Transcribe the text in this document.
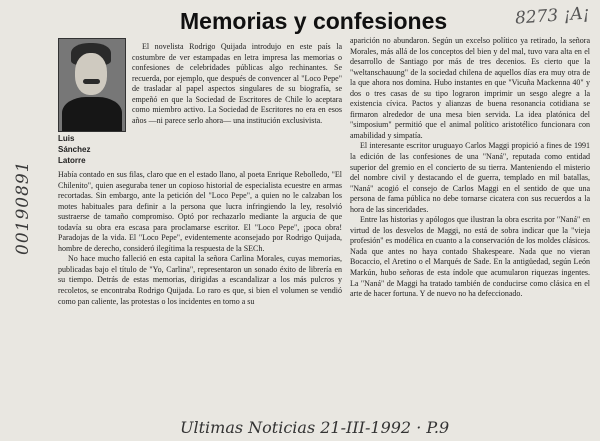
00190891
8273 ¡A¡
Memorias y confesiones
Luis
Sánchez
Latorre

El novelista Rodrigo Quijada introdujo en este país la costumbre de ver estampadas en letra impresa las memorias o confesiones de celebridades públicas algo rechinantes. Se recuerda, por ejemplo, que después de convencer al "Loco Pepe" de trasladar al papel aspectos singulares de su biografía, se empeñó en que la Sociedad de Escritores de Chile lo aceptara como miembro activo. La Sociedad de Escritores no era en esos años —ni parece serlo ahora— una institución exclusivista.

Había contado en sus filas, claro que en el estado llano, al poeta Enrique Rebolledo, "El Chilenito", quien aseguraba tener un copioso historial de especialista ecuestre en armas recortadas. Sin embargo, ante la petición del "Loco Pepe", a quien no le calzaban los motes habituales para definir a la persona que lucra infringiendo la ley, resolvió sustraerse de tamaño compromiso. Optó por rechazarlo mediante la argucia de que todavía su obra era escasa para proclamarse escritor. El "Loco Pepe", ¡poca obra! Paradojas de la vida. El "Loco Pepe", evidentemente aconsejado por Rodrigo Quijada, hombre de derecho, consideró ilegítima la respuesta de la SECh.

No hace mucho falleció en esta capital la señora Carlina Morales, cuyas memorias, publicadas bajo el título de "Yo, Carlina", representaron un sonado éxito de librería en su tiempo. Detrás de estas memorias, dirigidas a escandalizar a los más pulcros y recoletos, se encontraba Rodrigo Quijada. Lo raro es que, si bien el volumen se vendió como pan caliente, las protestas o los incidentes en torno a su

aparición no abundaron. Según un excelso político ya retirado, la señora Morales, más allá de los conceptos del bien y del mal, tuvo vara alta en el desarrollo de Santiago por más de tres decenios. Es cierto que la "weltanschauung" de la sociedad chilena de aquellos días era muy otra de la que ahora nos domina. Hubo instantes en que "Vicuña Mackenna 40" y dos o tres casas de su tipo lograron imprimir un sesgo alegre a la existencia cívica. Pactos y alianzas de buena resonancia cotidiana se firmaron alrededor de una mesa bien servida. La idea platónica del "simposium" permitió que el animal político aristotélico funcionara con amabilidad y simpatía.

El interesante escritor uruguayo Carlos Maggi propició a fines de 1991 la edición de las confesiones de una "Naná", reputada como entidad superior del gremio en el concierto de su tierra. Manteniendo el misterio del nombre civil y destacando el de guerra, templado en mil batallas, "Naná" acogió el consejo de Carlos Maggi en el sentido de que una persona de fama pública no debe tornarse cicatera con sus recuerdos a la hora de las sinceridades.

Entre las historias y apólogos que ilustran la obra escrita por "Naná" en virtud de los desvelos de Maggi, no está de sobra indicar que la "vieja profesión" es modélica en cuanto a la conservación de los moldes clásicos. Nada que antes no haya contado Shakespeare. Nada que no vieran Bocaccio, el Aretino o el Marqués de Sade. En la antigüedad, según León Markún, hubo señoras de esta índole que acumularon riquezas ingentes. La "Naná" de Maggi ha tratado también de conducirse como clásica en el arte de hacer fortuna. Y de nuevo no ha defeccionado.

Ultimas Noticias 21-III-1992 · P.9
